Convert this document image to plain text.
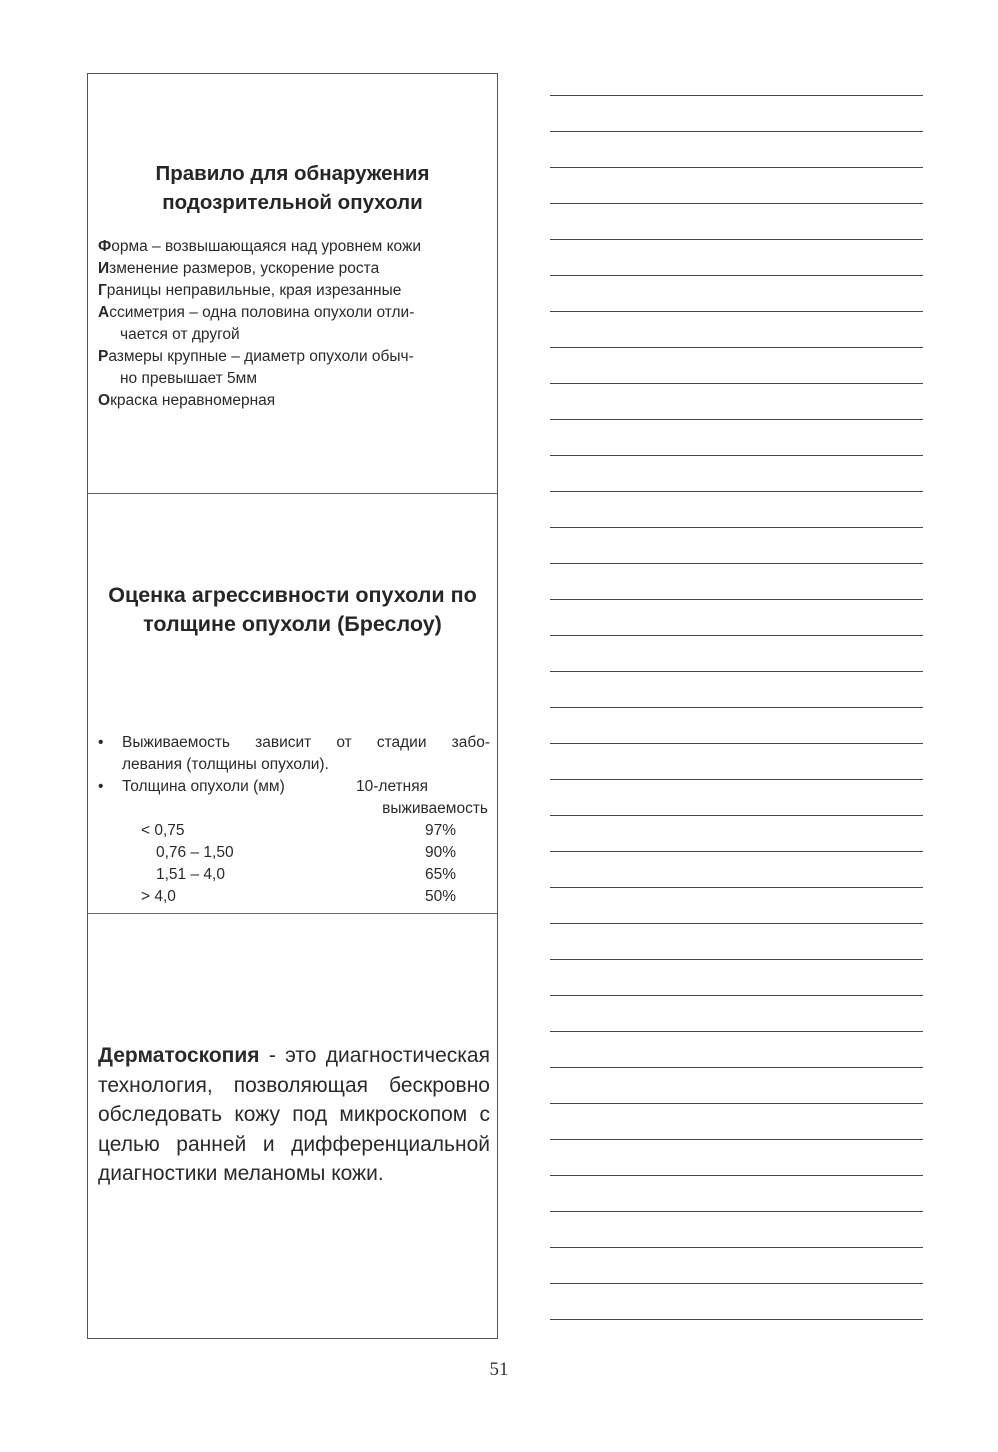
Правило для обнаружения подозрительной опухоли
Форма – возвышающаяся над уровнем кожи
Изменение размеров, ускорение роста
Границы неправильные, края изрезанные
Ассиметрия – одна половина опухоли отли-
чается от другой
Размеры крупные – диаметр опухоли обыч-
но превышает 5мм
Окраска неравномерная
Оценка агрессивности опухоли по толщине опухоли (Бреслоу)
• Выживаемость зависит от стадии забо-
левания (толщины опухоли).
• Толщина опухоли (мм)	10-летняя
выживаемость
< 0,75	97%
0,76 – 1,50	90%
1,51 – 4,0	65%
> 4,0	50%

Дерматоскопия - это диагностическая технология, позволяющая бескровно обследовать кожу под микроскопом с целью ранней и дифференциальной диагностики меланомы кожи.

51
